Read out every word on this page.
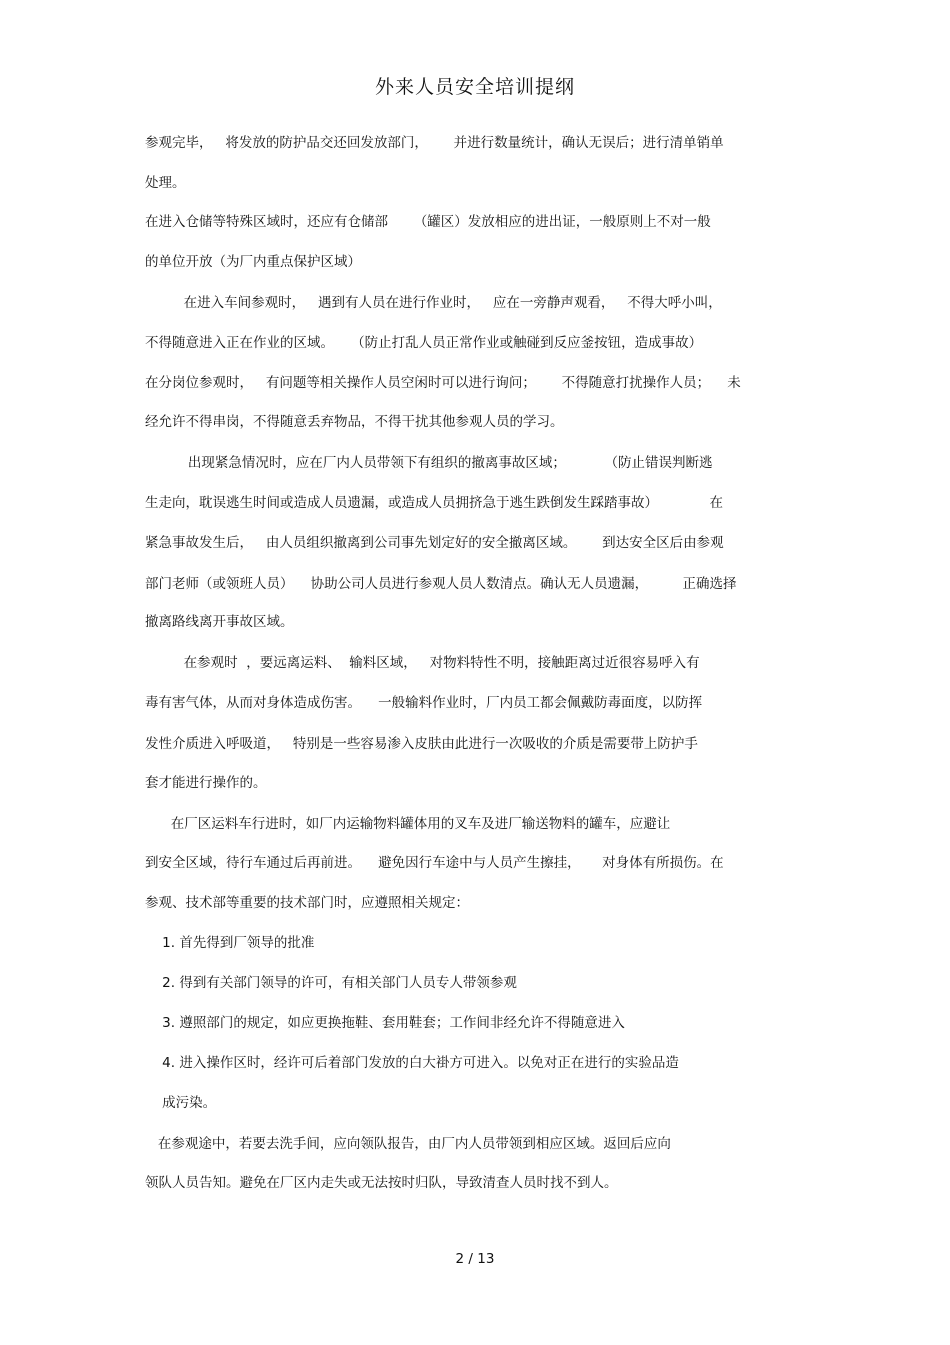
外来人员安全培训提纲
参观完毕，   将发放的防护品交还回发放部门，      并进行数量统计，确认无误后；进行清单销单
处理。
在进入仓储等特殊区域时，还应有仓储部      （罐区）发放相应的进出证，一般原则上不对一般
的单位开放（为厂内重点保护区域）
在进入车间参观时，   遇到有人员在进行作业时，   应在一旁静声观看，   不得大呼小叫，
不得随意进入正在作业的区域。    （防止打乱人员正常作业或触碰到反应釜按钮，造成事故）
在分岗位参观时，   有问题等相关操作人员空闲时可以进行询问；      不得随意打扰操作人员；    未
经允许不得串岗，不得随意丢弃物品，不得干扰其他参观人员的学习。
出现紧急情况时，应在厂内人员带领下有组织的撤离事故区域；         （防止错误判断逃
生走向，耽误逃生时间或造成人员遗漏，或造成人员拥挤急于逃生跌倒发生踩踏事故）            在
紧急事故发生后，   由人员组织撤离到公司事先划定好的安全撤离区域。      到达安全区后由参观
部门老师（或领班人员）    协助公司人员进行参观人员人数清点。确认无人员遗漏，        正确选择
撤离路线离开事故区域。
在参观时  ，要远离运料、  输料区域，   对物料特性不明，接触距离过近很容易呼入有
毒有害气体，从而对身体造成伤害。    一般输料作业时，厂内员工都会佩戴防毒面度，以防挥
发性介质进入呼吸道，   特别是一些容易渗入皮肤由此进行一次吸收的介质是需要带上防护手
套才能进行操作的。
在厂区运料车行进时，如厂内运输物料罐体用的叉车及进厂输送物料的罐车，应避让
到安全区域，待行车通过后再前进。    避免因行车途中与人员产生擦挂，     对身体有所损伤。在
参观、技术部等重要的技术部门时，应遵照相关规定：
1. 首先得到厂领导的批准
2. 得到有关部门领导的许可，有相关部门人员专人带领参观
3. 遵照部门的规定，如应更换拖鞋、套用鞋套；工作间非经允许不得随意进入
4. 进入操作区时，经许可后着部门发放的白大褂方可进入。以免对正在进行的实验品造
成污染。
在参观途中，若要去洗手间，应向领队报告，由厂内人员带领到相应区域。返回后应向
领队人员告知。避免在厂区内走失或无法按时归队，导致清查人员时找不到人。
2 / 13
